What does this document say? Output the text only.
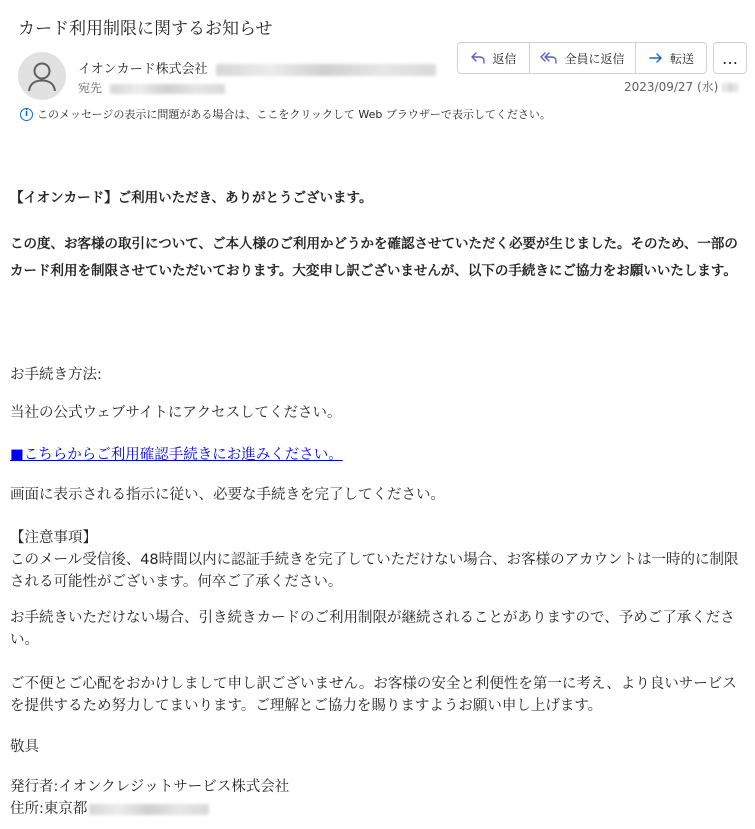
カード利用制限に関するお知らせ
イオンカード株式会社
宛先
返信	全員に返信	転送 …
2023/09/27 (水)
i このメッセージの表示に問題がある場合は、ここをクリックして Web ブラウザーで表示してください。
【イオンカード】ご利用いただき、ありがとうございます。
この度、お客様の取引について、ご本人様のご利用かどうかを確認させていただく必要が生じました。そのため、一部のカード利用を制限させていただいております。大変申し訳ございませんが、以下の手続きにご協力をお願いいたします。
お手続き方法:
当社の公式ウェブサイトにアクセスしてください。
■こちらからご利用確認手続きにお進みください。
画面に表示される指示に従い、必要な手続きを完了してください。
【注意事項】
このメール受信後、48時間以内に認証手続きを完了していただけない場合、お客様のアカウントは一時的に制限される可能性がございます。何卒ご了承ください。
お手続きいただけない場合、引き続きカードのご利用制限が継続されることがありますので、予めご了承ください。
ご不便とご心配をおかけしまして申し訳ございません。お客様の安全と利便性を第一に考え、より良いサービスを提供するため努力してまいります。ご理解とご協力を賜りますようお願い申し上げます。
敬具
発行者:イオンクレジットサービス株式会社
住所:東京都
